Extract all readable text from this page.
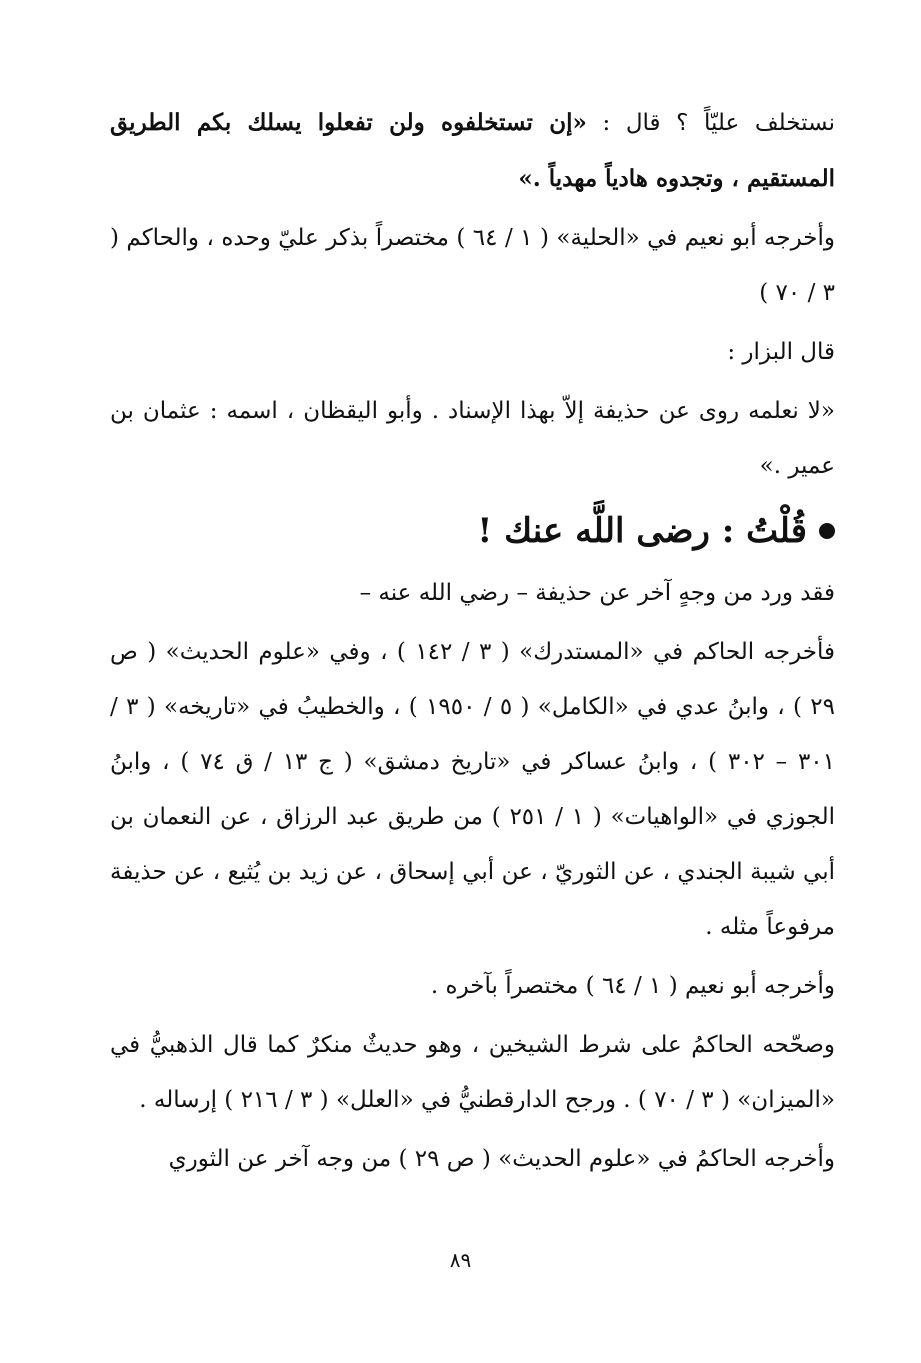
نستخلف عليّاً ؟ قال : «إن تستخلفوه ولن تفعلوا يسلك بكم الطريق المستقيم ، وتجدوه هادياً مهدياً .»

وأخرجه أبو نعيم في «الحلية» ( ١ / ٦٤ ) مختصراً بذكر عليّ وحده ، والحاكم ( ٣ / ٧٠ )

قال البزار :

«لا نعلمه روى عن حذيفة إلاّ بهذا الإسناد . وأبو اليقظان ، اسمه : عثمان بن عمير .»

قُلْتُ : رضى اللَّه عنك !

فقد ورد من وجهٍ آخر عن حذيفة – رضي الله عنه –

فأخرجه الحاكم في «المستدرك» ( ٣ / ١٤٢ ) ، وفي «علوم الحديث» ( ص ٢٩ ) ، وابنُ عدي في «الكامل» ( ٥ / ١٩٥٠ ) ، والخطيبُ في «تاريخه» ( ٣ / ٣٠١ – ٣٠٢ ) ، وابنُ عساكر في «تاريخ دمشق» ( ج ١٣ / ق ٧٤ ) ، وابنُ الجوزي في «الواهيات» ( ١ / ٢٥١ ) من طريق عبد الرزاق ، عن النعمان بن أبي شيبة الجندي ، عن الثوريّ ، عن أبي إسحاق ، عن زيد بن يُثيع ، عن حذيفة مرفوعاً مثله .

وأخرجه أبو نعيم ( ١ / ٦٤ ) مختصراً بآخره .

وصحّحه الحاكمُ على شرط الشيخين ، وهو حديثٌ منكرٌ كما قال الذهبيُّ في «الميزان» ( ٣ / ٧٠ ) . ورجح الدارقطنيُّ في «العلل» ( ٣ / ٢١٦ ) إرساله .

وأخرجه الحاكمُ في «علوم الحديث» ( ص ٢٩ ) من وجه آخر عن الثوري

٨٩
